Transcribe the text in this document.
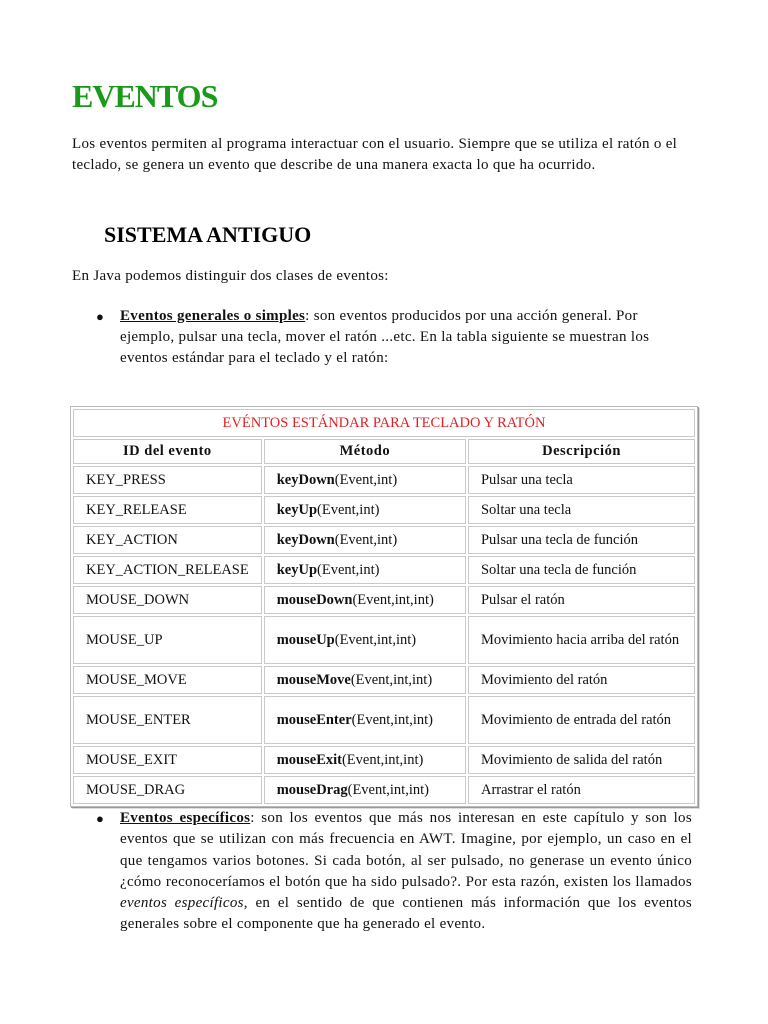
EVENTOS

Los eventos permiten al programa interactuar con el usuario. Siempre que se utiliza el ratón o el teclado, se genera un evento que describe de una manera exacta lo que ha ocurrido.

SISTEMA ANTIGUO

En Java podemos distinguir dos clases de eventos:

● Eventos generales o simples: son eventos producidos por una acción general. Por ejemplo, pulsar una tecla, mover el ratón ...etc. En la tabla siguiente se muestran los eventos estándar para el teclado y el ratón:

EVÉNTOS ESTÁNDAR PARA TECLADO Y RATÓN		
ID del evento	Método	Descripción
KEY_PRESS	keyDown(Event,int)	Pulsar una tecla
KEY_RELEASE	keyUp(Event,int)	Soltar una tecla
KEY_ACTION	keyDown(Event,int)	Pulsar una tecla de función
KEY_ACTION_RELEASE	keyUp(Event,int)	Soltar una tecla de función
MOUSE_DOWN	mouseDown(Event,int,int)	Pulsar el ratón
MOUSE_UP	mouseUp(Event,int,int)	Movimiento hacia arriba del ratón
MOUSE_MOVE	mouseMove(Event,int,int)	Movimiento del ratón
MOUSE_ENTER	mouseEnter(Event,int,int)	Movimiento de entrada del ratón
MOUSE_EXIT	mouseExit(Event,int,int)	Movimiento de salida del ratón
MOUSE_DRAG	mouseDrag(Event,int,int)	Arrastrar el ratón
● Eventos específicos: son los eventos que más nos interesan en este capítulo y son los eventos que se utilizan con más frecuencia en AWT. Imagine, por ejemplo, un caso en el que tengamos varios botones. Si cada botón, al ser pulsado, no generase un evento único ¿cómo reconoceríamos el botón que ha sido pulsado?. Por esta razón, existen los llamados eventos específicos, en el sentido de que contienen más información que los eventos generales sobre el componente que ha generado el evento.
